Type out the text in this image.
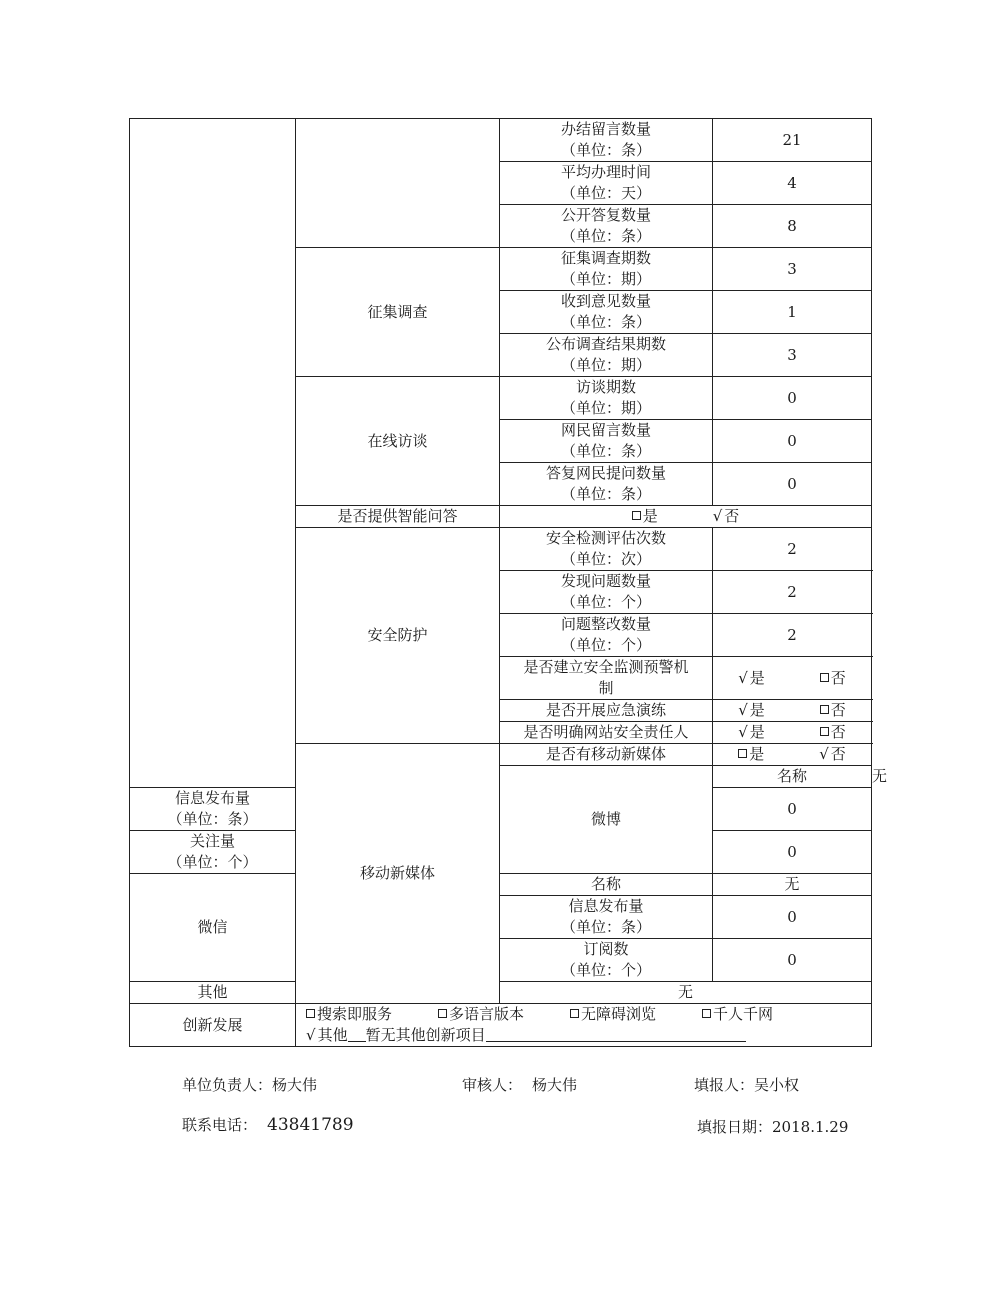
		办结留言数量
（单位：条）	21	
		平均办理时间
（单位：天）	4	
		公开答复数量
（单位：条）	8	
	征集调查	征集调查期数
（单位：期）	3	
		收到意见数量
（单位：条）	1	
		公布调查结果期数
（单位：期）	3	
	在线访谈	访谈期数
（单位：期）	0	
		网民留言数量
（单位：条）	0	
		答复网民提问数量
（单位：条）	0	
	是否提供智能问答	是 √ 否		
	安全防护	安全检测评估次数
（单位：次）	2	
		发现问题数量
（单位：个）	2	
		问题整改数量
（单位：个）	2	
		是否建立安全监测预警机
制	√ 是 否	
		是否开展应急演练	√ 是 否	
		是否明确网站安全责任人	√ 是 否	
	移动新媒体	是否有移动新媒体	是 √ 否	
		微博	名称	无
信息发布量
（单位：条）			0	
关注量
（单位：个）			0	
微信		名称	无	
		信息发布量
（单位：条）	0	
		订阅数
（单位：个）	0	
其他		无		
创新发展	搜索即服务 多语言版本 无障碍浏览 千人千网
√ 其他 暂无其他创新项目			
单位负责人：杨大伟	审核人： 杨大伟	填报人：吴小权
联系电话： 43841789	填报日期：2018.1.29
